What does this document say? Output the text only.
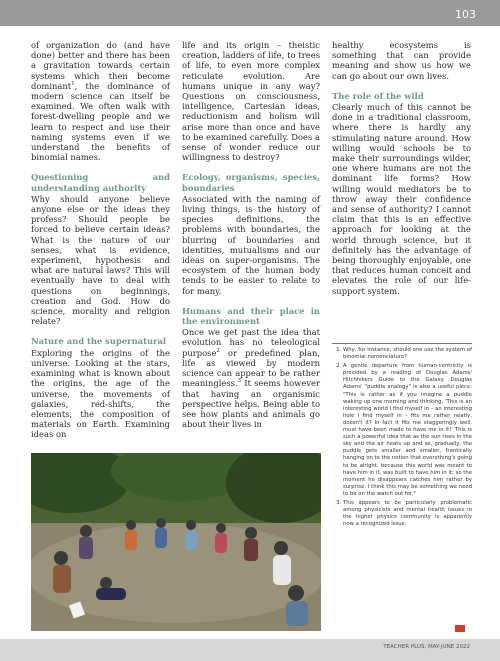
103

of organization do (and have done) better and there has been a gravitation towards certain systems which then become dominant$^1$, the dominance of modern science can itself be examined. We often walk with forest-dwelling people and we learn to respect and use their naming systems even if we understand the benefits of binomial names.

Questioning and understanding authority

Why should anyone believe anyone else or the ideas they profess? Should people be forced to believe certain ideas? What is the nature of our senses, what is evidence, experiment, hypothesis and what are natural laws? This will eventually have to deal with questions on beginnings, creation and God. How do science, morality and religion relate?

Nature and the supernatural

Exploring the origins of the universe. Looking at the stars, examining what is known about the origins, the age of the universe, the movements of galaxies, red-shifts, the elements, the composition of materials on Earth. Examining ideas on

life and its origin – theistic creation, ladders of life, to trees of life, to even more complex reticulate evolution. Are humans unique in any way? Questions on consciousness, intelligence, Cartesian ideas, reductionism and holism will arise more than once and have to be examined carefully. Does a sense of wonder reduce our willingness to destroy?

Ecology, organisms, species, boundaries

Associated with the naming of living things, is the history of species definitions, the problems with boundaries, the blurring of boundaries and identities, mutualisms and our ideas on super-organisms. The ecosystem of the human body tends to be easier to relate to for many.

Humans and their place in the environment

Once we get past the idea that evolution has no teleological purpose$^2$ or predefined plan, life as viewed by modern science can appear to be rather meaningless.$^3$ It seems however that having an organismic perspective helps. Being able to see how plants and animals go about their lives in

healthy ecosystems is something that can provide meaning and show us how we can go about our own lives.

The role of the wild

Clearly much of this cannot be done in a traditional classroom, where there is hardly any stimulating nature around. How willing would schools be to make their surroundings wilder, one where humans are not the dominant life forms? How willing would mediators be to throw away their confidence and sense of authority? I cannot claim that this is an effective approach for looking at the world through science, but it definitely has the advantage of being thoroughly enjoyable, one that reduces human conceit and elevates the role of our life-support system.

1. Why, for instance, should one use the system of binomial nomenclature?
2. A gentle departure from human-centricity is provided by a reading of Douglas Adams' Hitchhikers Guide to the Galaxy. Douglas Adams' "puddle analogy" is also a useful piece: "This is rather as if you imagine a puddle waking up one morning and thinking, 'This is an interesting world I find myself in – an interesting hole I find myself in – fits me rather neatly, doesn't it? In fact it fits me staggeringly well, must have been made to have me in it!' This is such a powerful idea that as the sun rises in the sky and the air heats up and as, gradually, the puddle gets smaller and smaller, frantically hanging on to the notion that everything's going to be alright, because this world was meant to have him in it, was built to have him in it; so the moment he disappears catches him rather by surprise. I think this may be something we need to be on the watch out for."
3. This appears to be particularly problematic among physicists and mental health issues in the higher physics community is apparently now a recognized issue.
TEACHER PLUS, MAY-JUNE 2022
